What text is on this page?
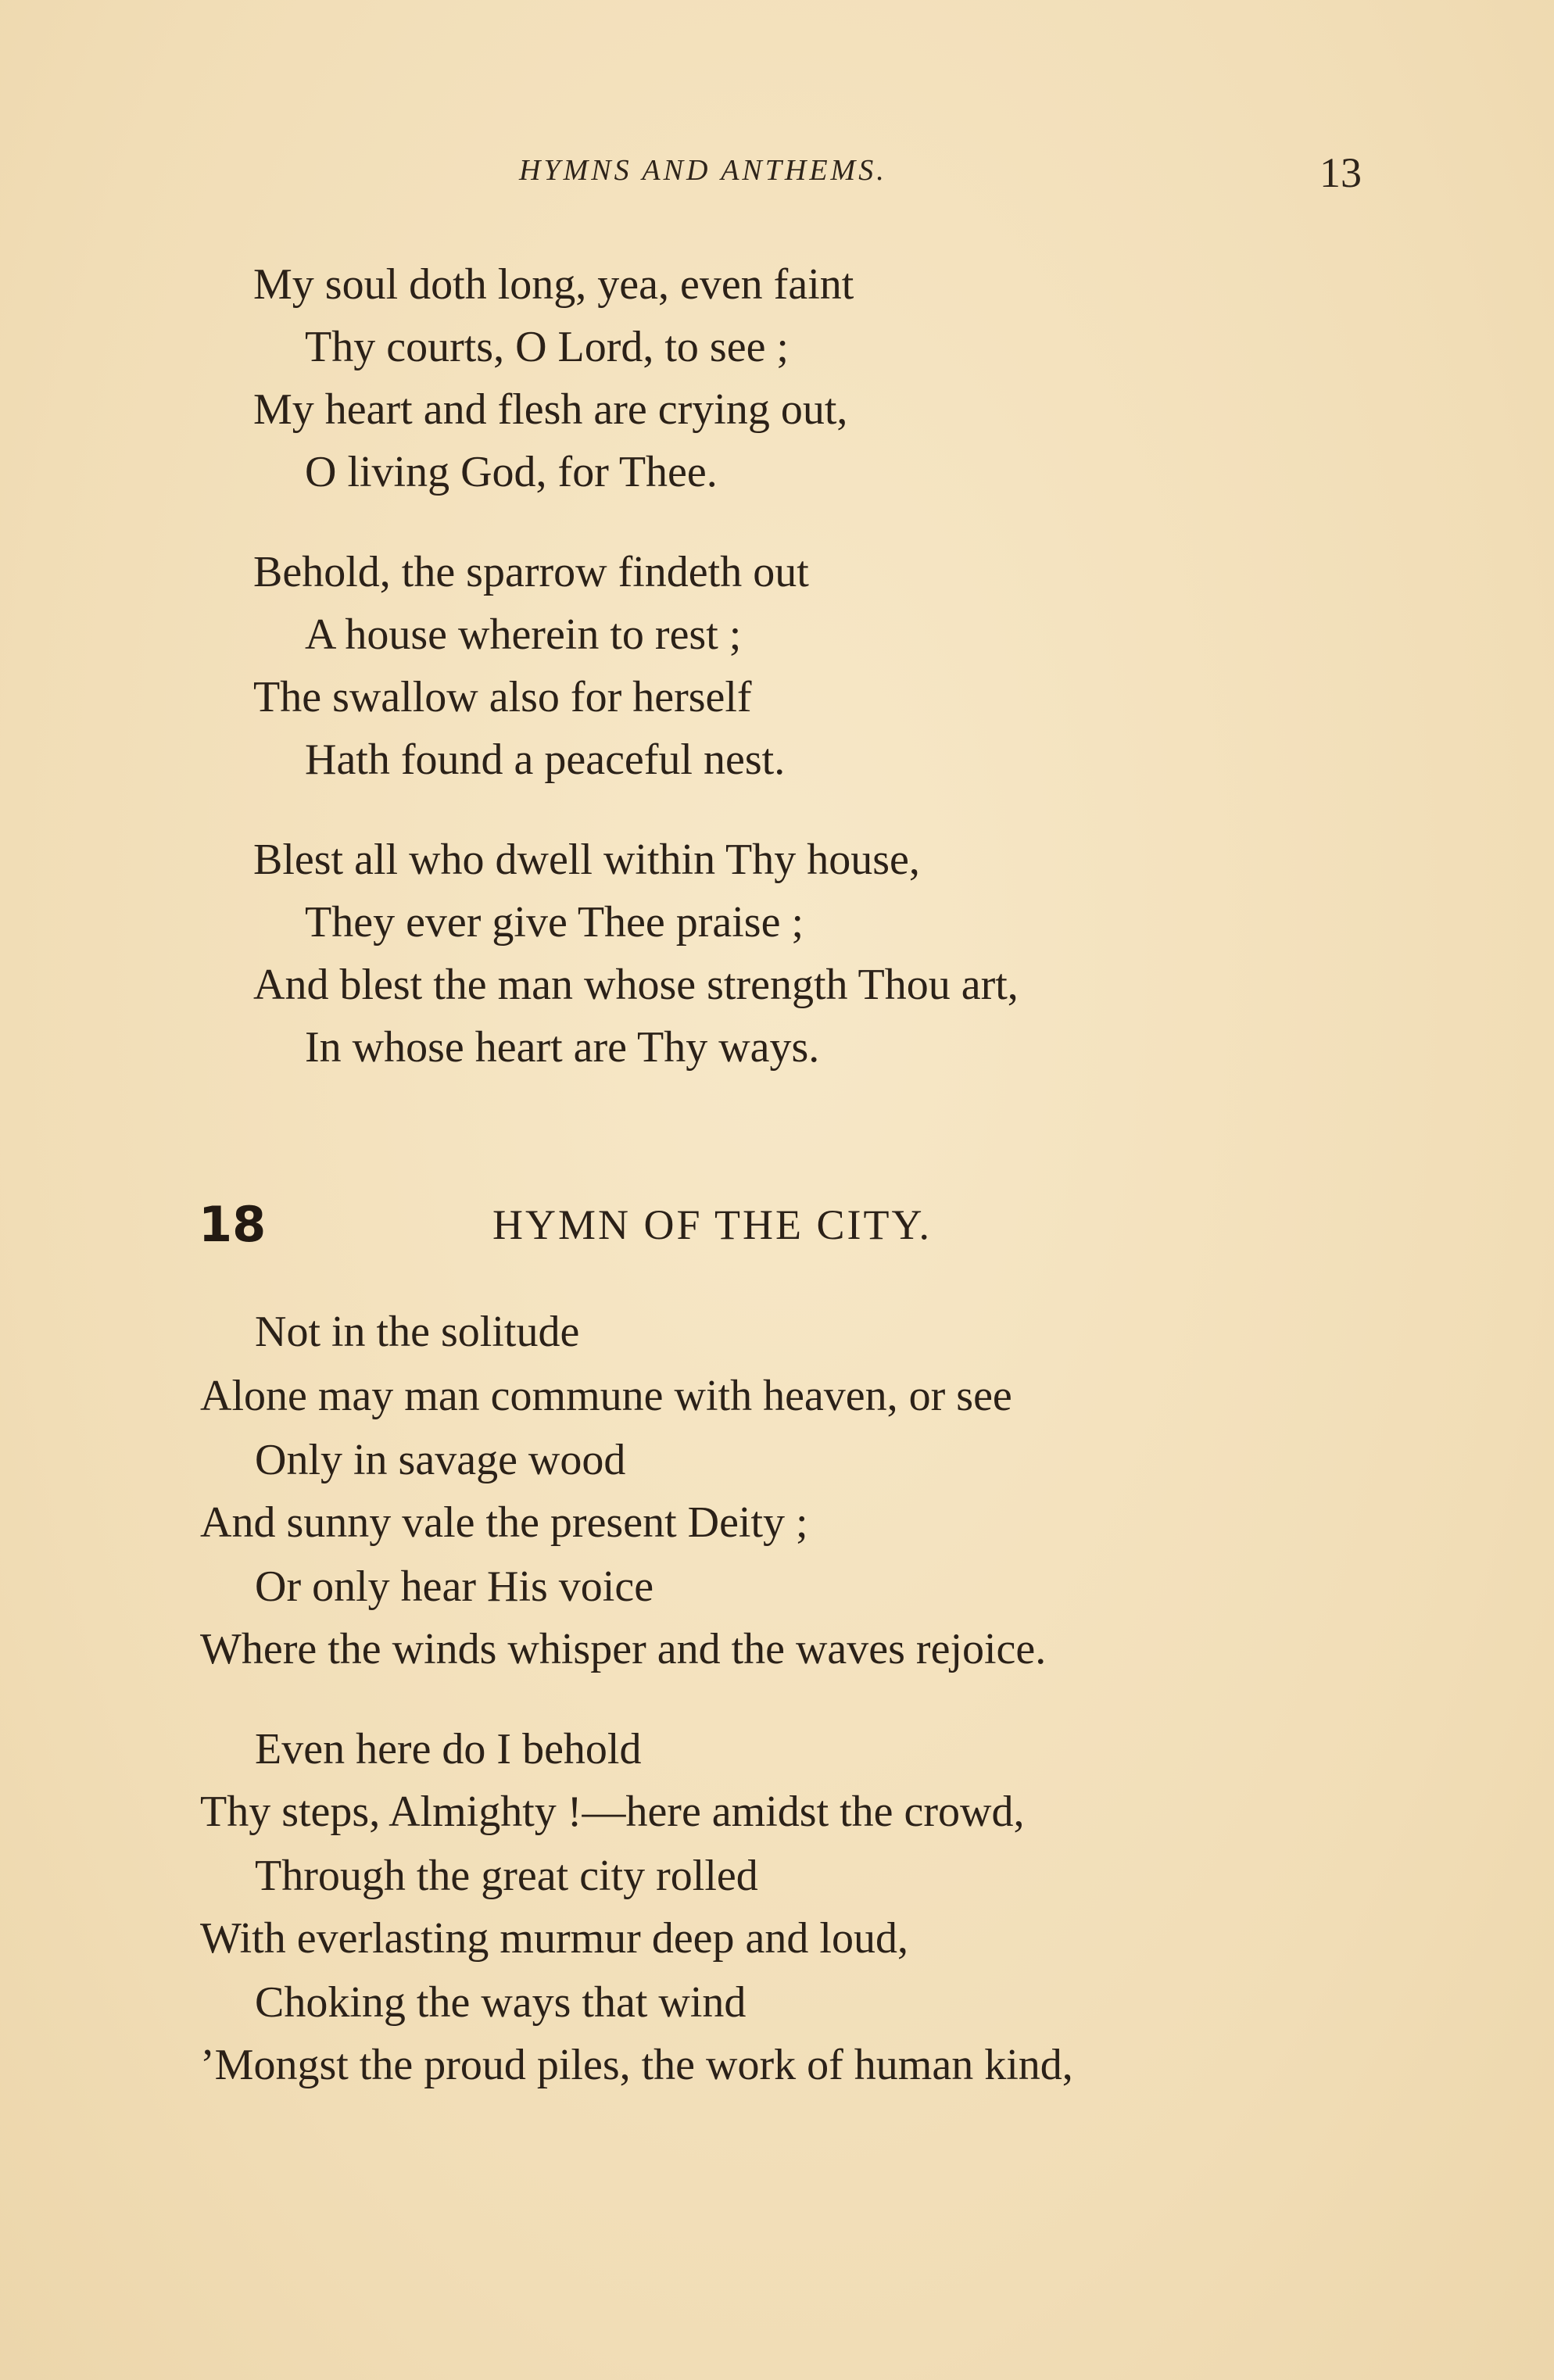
HYMNS AND ANTHEMS.	13
My soul doth long, yea, even faint
Thy courts, O Lord, to see ;
My heart and flesh are crying out,
O living God, for Thee.
Behold, the sparrow findeth out
A house wherein to rest ;
The swallow also for herself
Hath found a peaceful nest.
Blest all who dwell within Thy house,
They ever give Thee praise ;
And blest the man whose strength Thou art,
In whose heart are Thy ways.
18	HYMN OF THE CITY.
Not in the solitude
Alone may man commune with heaven, or see
Only in savage wood
And sunny vale the present Deity ;
Or only hear His voice
Where the winds whisper and the waves rejoice.
Even here do I behold
Thy steps, Almighty !—here amidst the crowd,
Through the great city rolled
With everlasting murmur deep and loud,
Choking the ways that wind
’Mongst the proud piles, the work of human kind,
